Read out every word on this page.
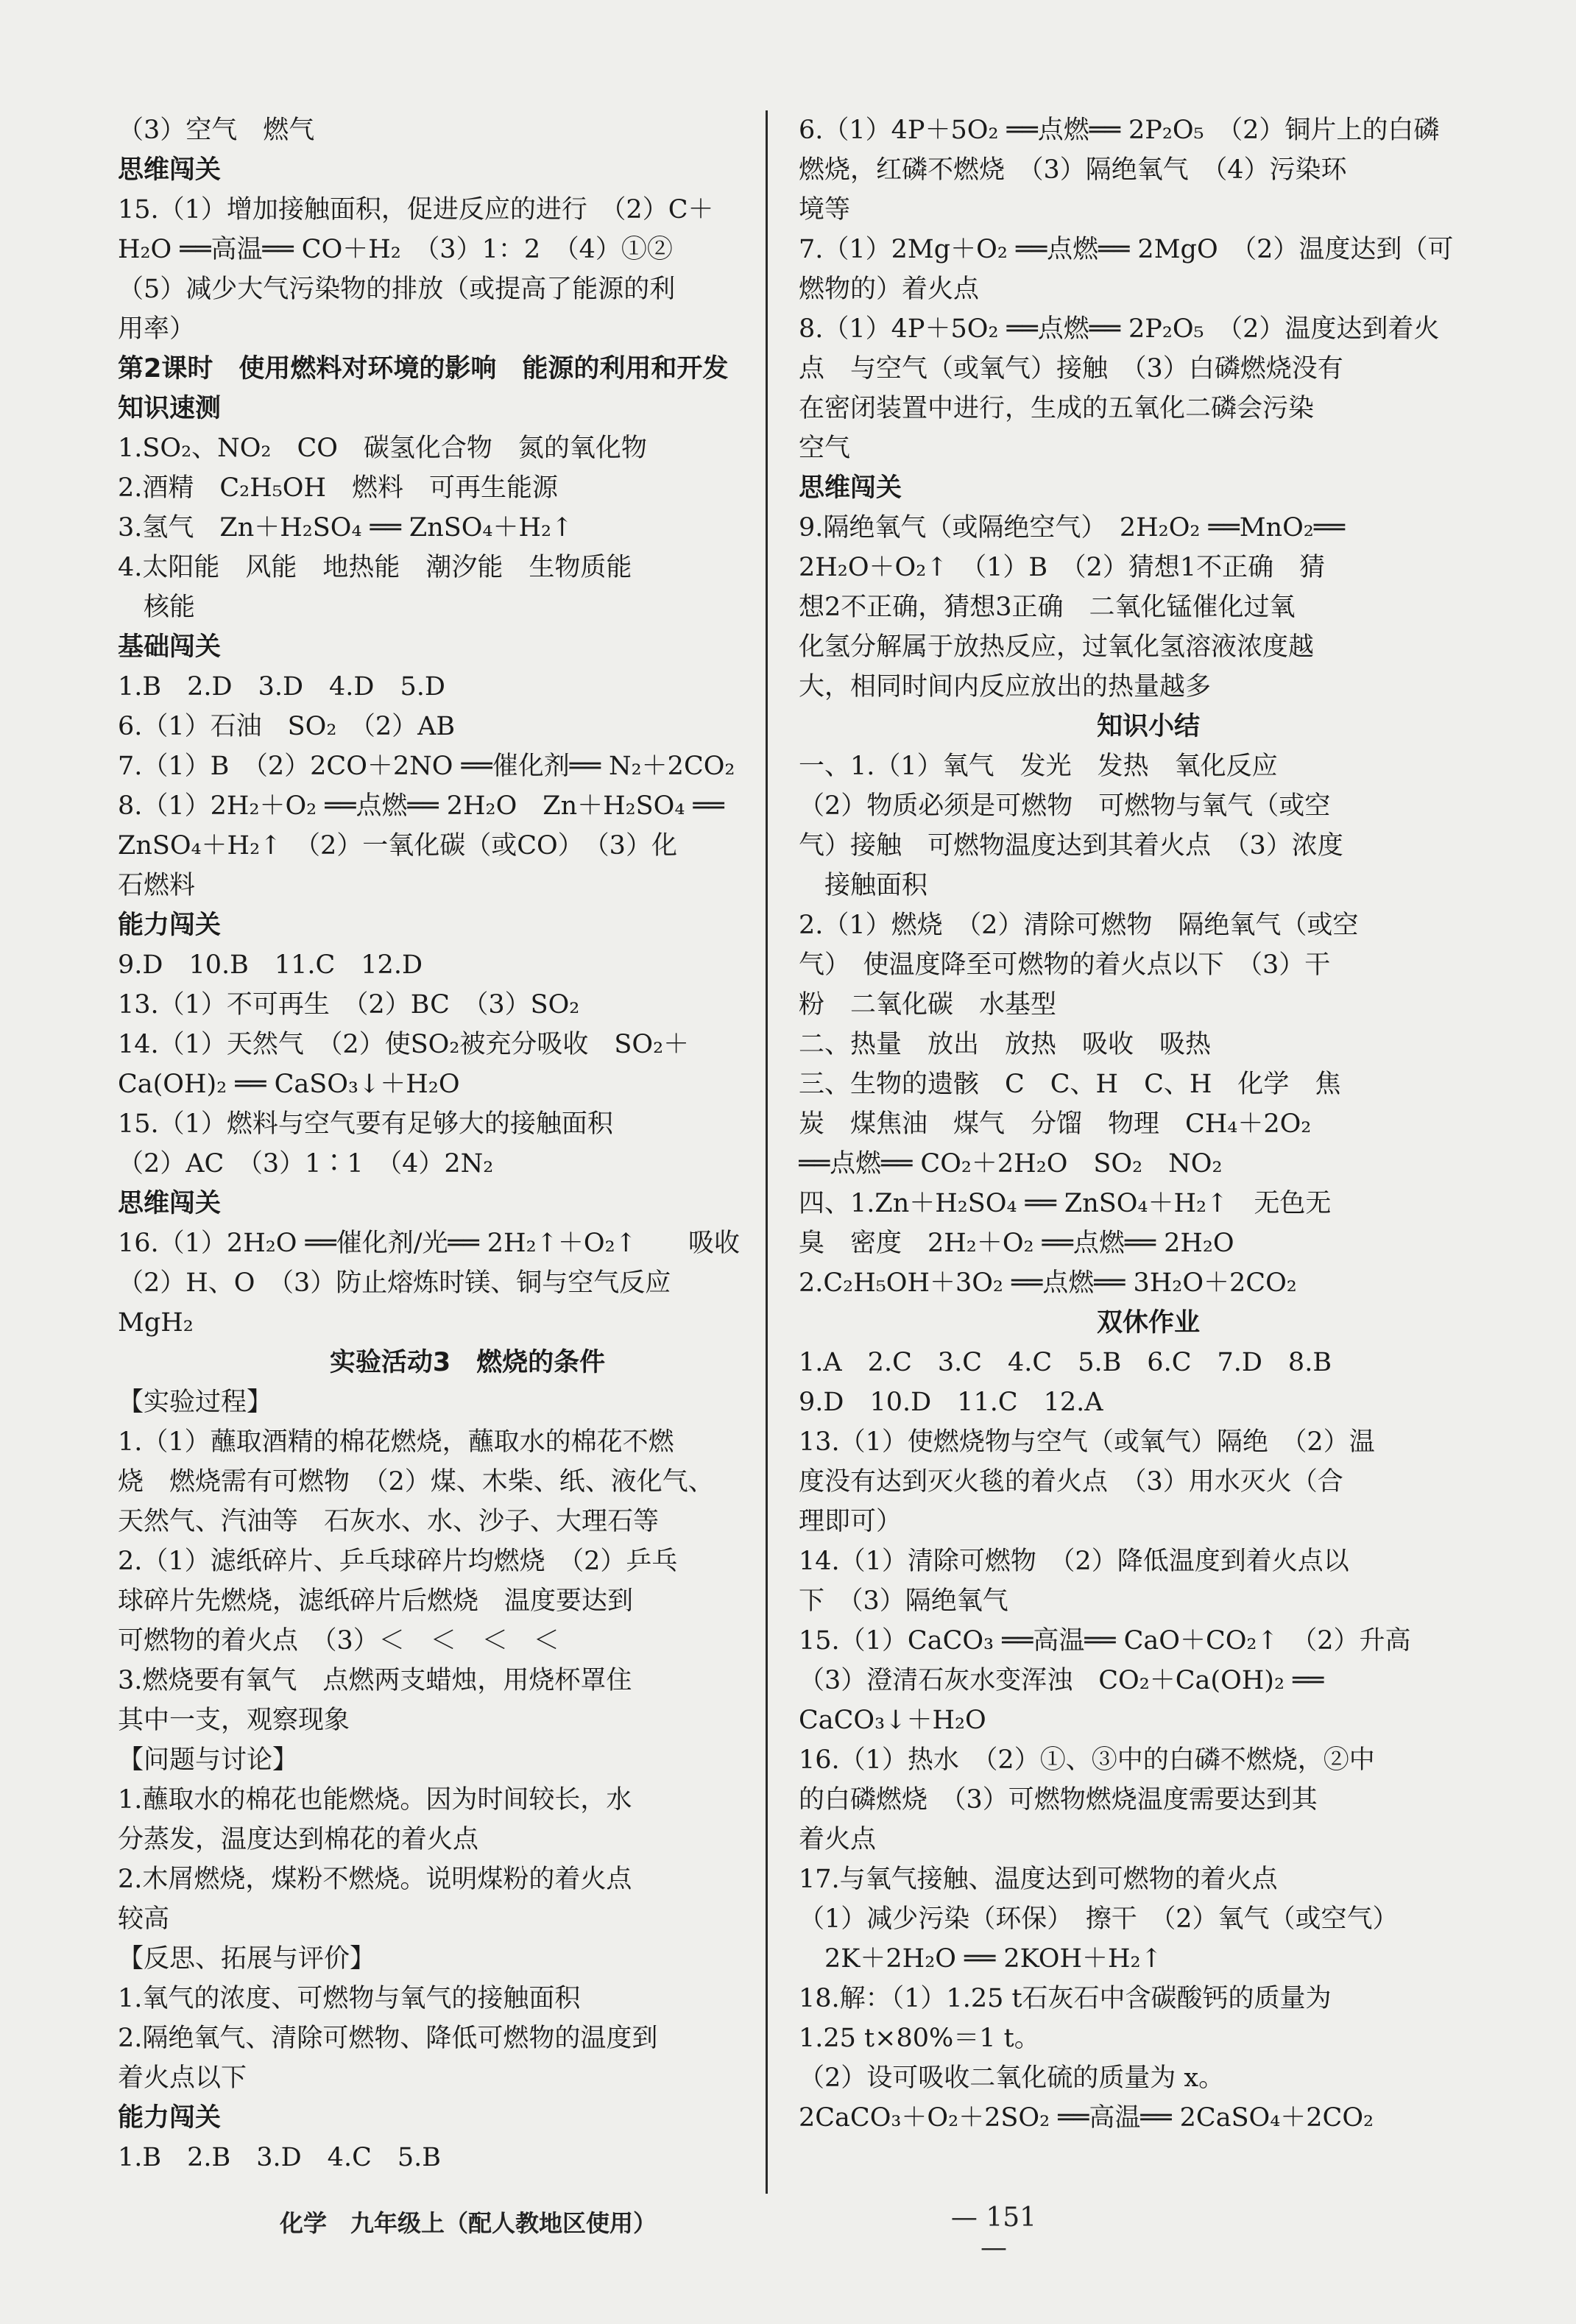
（3）空气　燃气
思维闯关
15.（1）增加接触面积，促进反应的进行　（2）C＋
H₂O ══高温══ CO＋H₂　（3）1：2　（4）①②
（5）减少大气污染物的排放（或提高了能源的利
用率）
第2课时　使用燃料对环境的影响　能源的利用和开发
知识速测
1.SO₂、NO₂　CO　碳氢化合物　氮的氧化物
2.酒精　C₂H₅OH　燃料　可再生能源
3.氢气　Zn＋H₂SO₄ ══ ZnSO₄＋H₂↑
4.太阳能　风能　地热能　潮汐能　生物质能
　核能
基础闯关
1.B　2.D　3.D　4.D　5.D
6.（1）石油　SO₂　（2）AB
7.（1）B　（2）2CO＋2NO ══催化剂══ N₂＋2CO₂
8.（1）2H₂＋O₂ ══点燃══ 2H₂O　Zn＋H₂SO₄ ══
ZnSO₄＋H₂↑　（2）一氧化碳（或CO）　（3）化
石燃料
能力闯关
9.D　10.B　11.C　12.D
13.（1）不可再生　（2）BC　（3）SO₂
14.（1）天然气　（2）使SO₂被充分吸收　SO₂＋
Ca(OH)₂ ══ CaSO₃↓＋H₂O
15.（1）燃料与空气要有足够大的接触面积
（2）AC　（3）1∶1　（4）2N₂
思维闯关
16.（1）2H₂O ══催化剂/光══ 2H₂↑＋O₂↑　　吸收
（2）H、O　（3）防止熔炼时镁、铜与空气反应
MgH₂
实验活动3　燃烧的条件
【实验过程】
1.（1）蘸取酒精的棉花燃烧，蘸取水的棉花不燃
烧　燃烧需有可燃物　（2）煤、木柴、纸、液化气、
天然气、汽油等　石灰水、水、沙子、大理石等
2.（1）滤纸碎片、乒乓球碎片均燃烧　（2）乒乓
球碎片先燃烧，滤纸碎片后燃烧　温度要达到
可燃物的着火点　（3）＜　＜　＜　＜
3.燃烧要有氧气　点燃两支蜡烛，用烧杯罩住
其中一支，观察现象
【问题与讨论】
1.蘸取水的棉花也能燃烧。因为时间较长，水
分蒸发，温度达到棉花的着火点
2.木屑燃烧，煤粉不燃烧。说明煤粉的着火点
较高
【反思、拓展与评价】
1.氧气的浓度、可燃物与氧气的接触面积
2.隔绝氧气、清除可燃物、降低可燃物的温度到
着火点以下
能力闯关
1.B　2.B　3.D　4.C　5.B
6.（1）4P＋5O₂ ══点燃══ 2P₂O₅　（2）铜片上的白磷
燃烧，红磷不燃烧　（3）隔绝氧气　（4）污染环
境等
7.（1）2Mg＋O₂ ══点燃══ 2MgO　（2）温度达到（可
燃物的）着火点
8.（1）4P＋5O₂ ══点燃══ 2P₂O₅　（2）温度达到着火
点　与空气（或氧气）接触　（3）白磷燃烧没有
在密闭装置中进行，生成的五氧化二磷会污染
空气
思维闯关
9.隔绝氧气（或隔绝空气）　2H₂O₂ ══MnO₂══
2H₂O＋O₂↑　（1）B　（2）猜想1不正确　猜
想2不正确，猜想3正确　二氧化锰催化过氧
化氢分解属于放热反应，过氧化氢溶液浓度越
大，相同时间内反应放出的热量越多
知识小结
一、1.（1）氧气　发光　发热　氧化反应
（2）物质必须是可燃物　可燃物与氧气（或空
气）接触　可燃物温度达到其着火点　（3）浓度
　接触面积
2.（1）燃烧　（2）清除可燃物　隔绝氧气（或空
气）　使温度降至可燃物的着火点以下　（3）干
粉　二氧化碳　水基型
二、热量　放出　放热　吸收　吸热
三、生物的遗骸　C　C、H　C、H　化学　焦
炭　煤焦油　煤气　分馏　物理　CH₄＋2O₂
══点燃══ CO₂＋2H₂O　SO₂　NO₂
四、1.Zn＋H₂SO₄ ══ ZnSO₄＋H₂↑　无色无
臭　密度　2H₂＋O₂ ══点燃══ 2H₂O
2.C₂H₅OH＋3O₂ ══点燃══ 3H₂O＋2CO₂
双休作业
1.A　2.C　3.C　4.C　5.B　6.C　7.D　8.B
9.D　10.D　11.C　12.A
13.（1）使燃烧物与空气（或氧气）隔绝　（2）温
度没有达到灭火毯的着火点　（3）用水灭火（合
理即可）
14.（1）清除可燃物　（2）降低温度到着火点以
下　（3）隔绝氧气
15.（1）CaCO₃ ══高温══ CaO＋CO₂↑　（2）升高
（3）澄清石灰水变浑浊　CO₂＋Ca(OH)₂ ══
CaCO₃↓＋H₂O
16.（1）热水　（2）①、③中的白磷不燃烧，②中
的白磷燃烧　（3）可燃物燃烧温度需要达到其
着火点
17.与氧气接触、温度达到可燃物的着火点
（1）减少污染（环保）　擦干　（2）氧气（或空气）
　2K＋2H₂O ══ 2KOH＋H₂↑
18.解：（1）1.25 t石灰石中含碳酸钙的质量为
1.25 t×80%＝1 t。
（2）设可吸收二氧化硫的质量为 x。
2CaCO₃＋O₂＋2SO₂ ══高温══ 2CaSO₄＋2CO₂
化学　九年级上（配人教地区使用）	— 151 —
